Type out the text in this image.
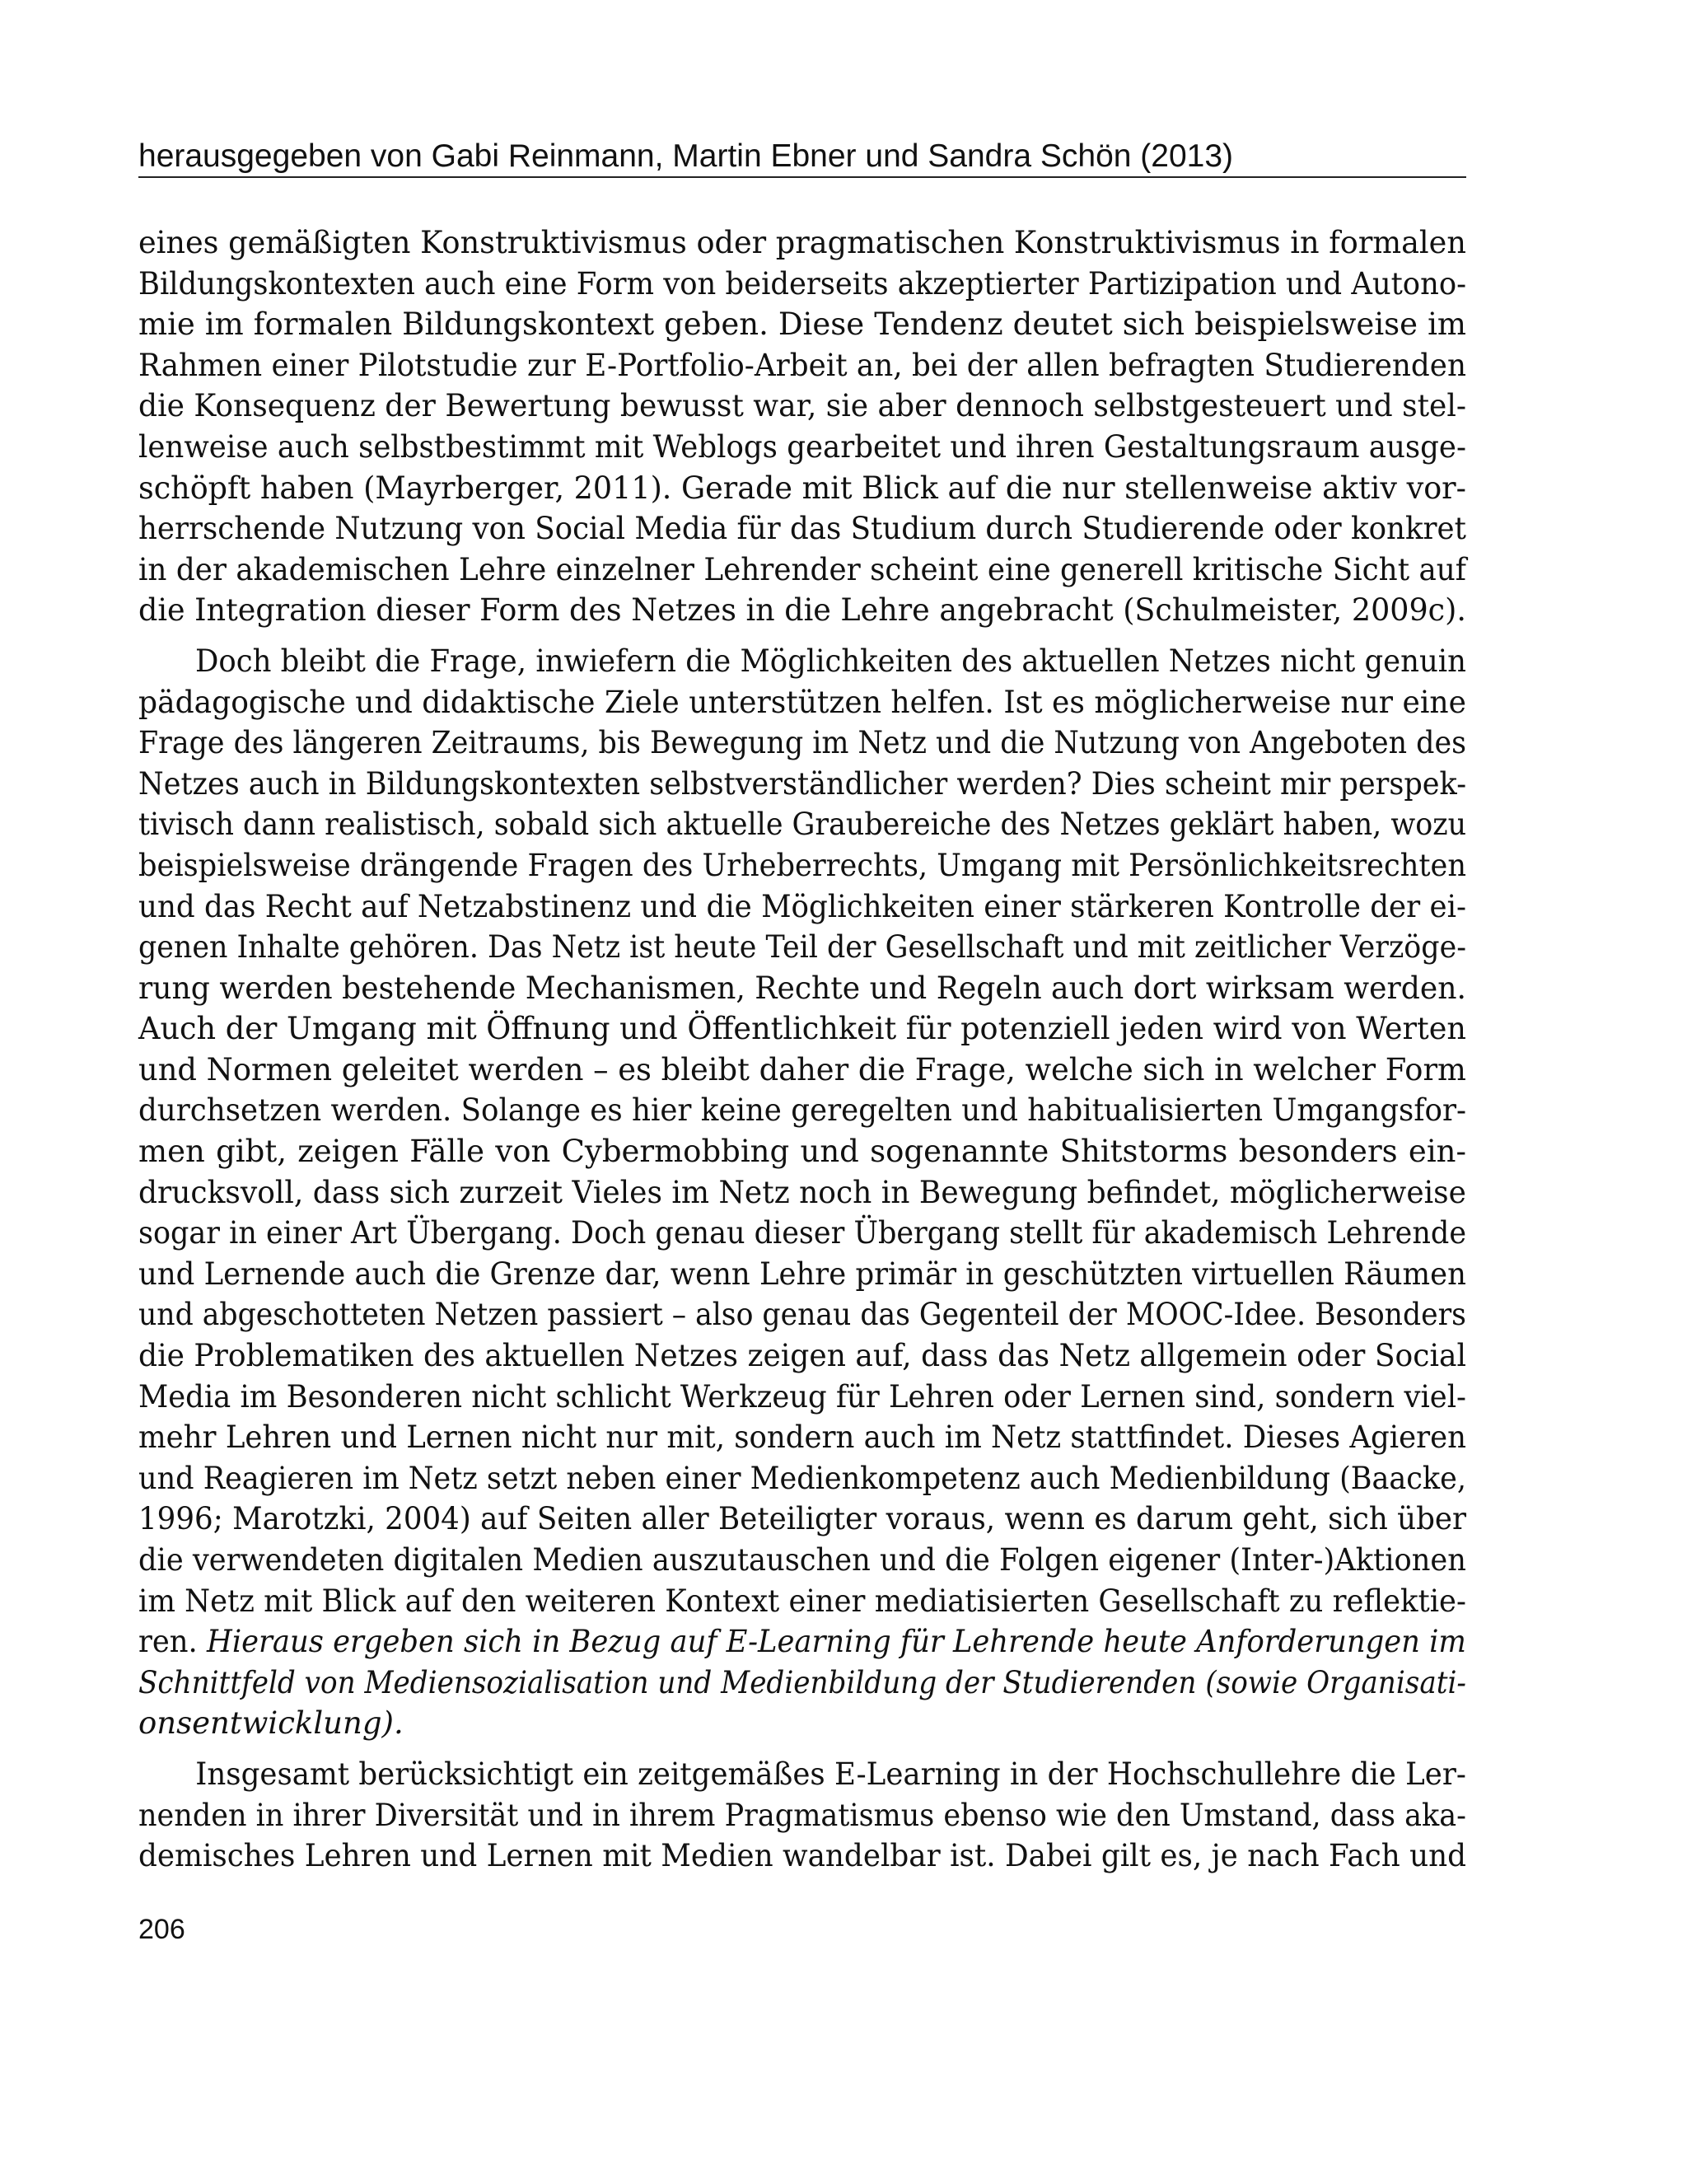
herausgegeben von Gabi Reinmann, Martin Ebner und Sandra Schön (2013)
eines gemäßigten Konstruktivismus oder pragmatischen Konstruktivismus in formalen
Bildungskontexten auch eine Form von beiderseits akzeptierter Partizipation und Autono-
mie im formalen Bildungskontext geben. Diese Tendenz deutet sich beispielsweise im
Rahmen einer Pilotstudie zur E-Portfolio-Arbeit an, bei der allen befragten Studierenden
die Konsequenz der Bewertung bewusst war, sie aber dennoch selbstgesteuert und stel-
lenweise auch selbstbestimmt mit Weblogs gearbeitet und ihren Gestaltungsraum ausge-
schöpft haben (Mayrberger, 2011). Gerade mit Blick auf die nur stellenweise aktiv vor-
herrschende Nutzung von Social Media für das Studium durch Studierende oder konkret
in der akademischen Lehre einzelner Lehrender scheint eine generell kritische Sicht auf
die Integration dieser Form des Netzes in die Lehre angebracht (Schulmeister, 2009c).
Doch bleibt die Frage, inwiefern die Möglichkeiten des aktuellen Netzes nicht genuin
pädagogische und didaktische Ziele unterstützen helfen. Ist es möglicherweise nur eine
Frage des längeren Zeitraums, bis Bewegung im Netz und die Nutzung von Angeboten des
Netzes auch in Bildungskontexten selbstverständlicher werden? Dies scheint mir perspek-
tivisch dann realistisch, sobald sich aktuelle Graubereiche des Netzes geklärt haben, wozu
beispielsweise drängende Fragen des Urheberrechts, Umgang mit Persönlichkeitsrechten
und das Recht auf Netzabstinenz und die Möglichkeiten einer stärkeren Kontrolle der ei-
genen Inhalte gehören. Das Netz ist heute Teil der Gesellschaft und mit zeitlicher Verzöge-
rung werden bestehende Mechanismen, Rechte und Regeln auch dort wirksam werden.
Auch der Umgang mit Öffnung und Öffentlichkeit für potenziell jeden wird von Werten
und Normen geleitet werden – es bleibt daher die Frage, welche sich in welcher Form
durchsetzen werden. Solange es hier keine geregelten und habitualisierten Umgangsfor-
men gibt, zeigen Fälle von Cybermobbing und sogenannte Shitstorms besonders ein-
drucksvoll, dass sich zurzeit Vieles im Netz noch in Bewegung befindet, möglicherweise
sogar in einer Art Übergang. Doch genau dieser Übergang stellt für akademisch Lehrende
und Lernende auch die Grenze dar, wenn Lehre primär in geschützten virtuellen Räumen
und abgeschotteten Netzen passiert – also genau das Gegenteil der MOOC-Idee. Besonders
die Problematiken des aktuellen Netzes zeigen auf, dass das Netz allgemein oder Social
Media im Besonderen nicht schlicht Werkzeug für Lehren oder Lernen sind, sondern viel-
mehr Lehren und Lernen nicht nur mit, sondern auch im Netz stattfindet. Dieses Agieren
und Reagieren im Netz setzt neben einer Medienkompetenz auch Medienbildung (Baacke,
1996; Marotzki, 2004) auf Seiten aller Beteiligter voraus, wenn es darum geht, sich über
die verwendeten digitalen Medien auszutauschen und die Folgen eigener (Inter-)Aktionen
im Netz mit Blick auf den weiteren Kontext einer mediatisierten Gesellschaft zu reflektie-
ren. Hieraus ergeben sich in Bezug auf E-Learning für Lehrende heute Anforderungen im
Schnittfeld von Mediensozialisation und Medienbildung der Studierenden (sowie Organisati-
onsentwicklung).
Insgesamt berücksichtigt ein zeitgemäßes E-Learning in der Hochschullehre die Ler-
nenden in ihrer Diversität und in ihrem Pragmatismus ebenso wie den Umstand, dass aka-
demisches Lehren und Lernen mit Medien wandelbar ist. Dabei gilt es, je nach Fach und
206
